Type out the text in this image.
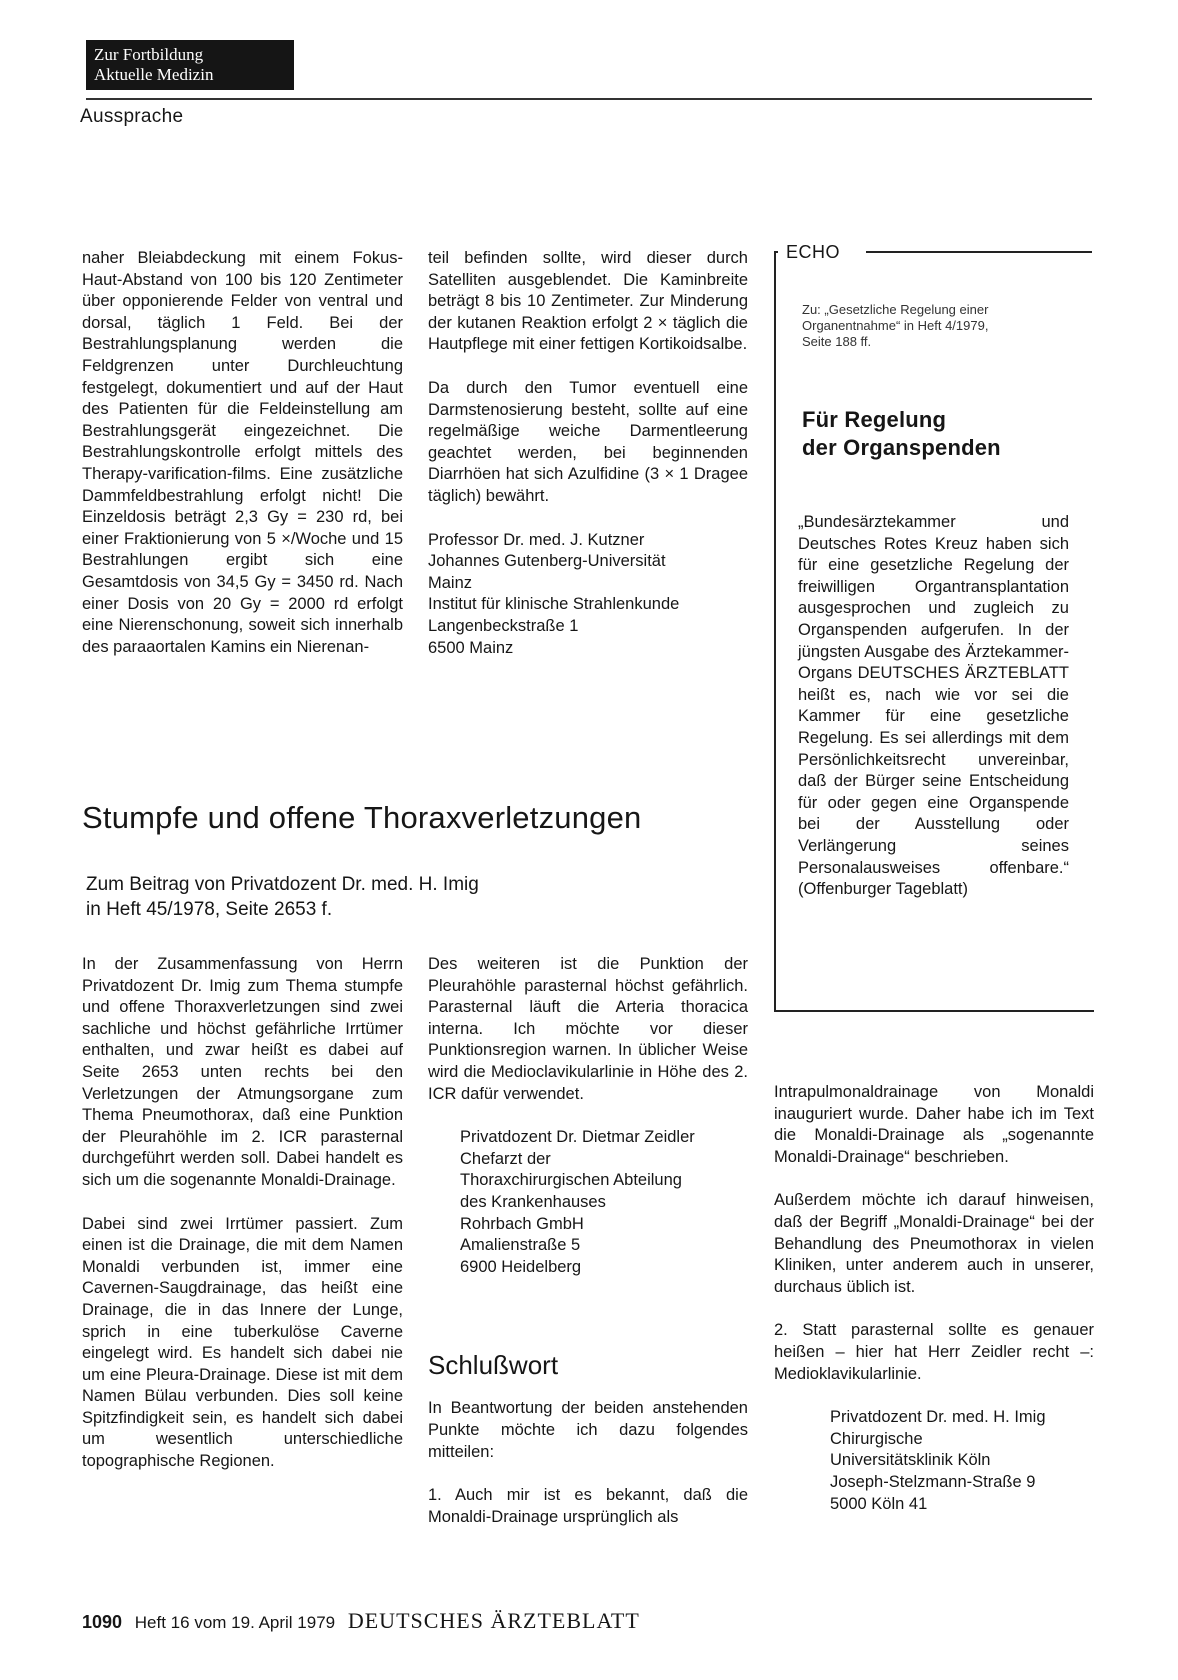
Zur Fortbildung
Aktuelle Medizin
Aussprache

naher Bleiabdeckung mit einem Fokus-Haut-Abstand von 100 bis 120 Zentimeter über opponierende Felder von ventral und dorsal, täglich 1 Feld. Bei der Bestrahlungsplanung werden die Feldgrenzen unter Durchleuchtung festgelegt, dokumentiert und auf der Haut des Patienten für die Feldeinstellung am Bestrahlungsgerät eingezeichnet. Die Bestrahlungskontrolle erfolgt mittels des Therapy-varification-films. Eine zusätzliche Dammfeldbestrahlung erfolgt nicht! Die Einzeldosis beträgt 2,3 Gy = 230 rd, bei einer Fraktionierung von 5 ×/Woche und 15 Bestrahlungen ergibt sich eine Gesamtdosis von 34,5 Gy = 3450 rd. Nach einer Dosis von 20 Gy = 2000 rd erfolgt eine Nierenschonung, soweit sich innerhalb des paraaortalen Kamins ein Nierenan-

teil befinden sollte, wird dieser durch Satelliten ausgeblendet. Die Kaminbreite beträgt 8 bis 10 Zentimeter. Zur Minderung der kutanen Reaktion erfolgt 2 × täglich die Hautpflege mit einer fettigen Kortikoidsalbe.

Da durch den Tumor eventuell eine Darmstenosierung besteht, sollte auf eine regelmäßige weiche Darmentleerung geachtet werden, bei beginnenden Diarrhöen hat sich Azulfidine (3 × 1 Dragee täglich) bewährt.

Professor Dr. med. J. Kutzner
Johannes Gutenberg-Universität
Mainz
Institut für klinische Strahlenkunde
Langenbeckstraße 1
6500 Mainz
ECHO
Zu: „Gesetzliche Regelung einer
Organentnahme“ in Heft 4/1979,
Seite 188 ff.
Für Regelung
der Organspenden

„Bundesärztekammer und Deutsches Rotes Kreuz haben sich für eine gesetzliche Regelung der freiwilligen Organtransplantation ausgesprochen und zugleich zu Organspenden aufgerufen. In der jüngsten Ausgabe des Ärztekammer-Organs DEUTSCHES ÄRZTEBLATT heißt es, nach wie vor sei die Kammer für eine gesetzliche Regelung. Es sei allerdings mit dem Persönlichkeitsrecht unvereinbar, daß der Bürger seine Entscheidung für oder gegen eine Organspende bei der Ausstellung oder Verlängerung seines Personalausweises offenbare.“ (Offenburger Tageblatt)

Stumpfe und offene Thoraxverletzungen
Zum Beitrag von Privatdozent Dr. med. H. Imig
in Heft 45/1978, Seite 2653 f.

In der Zusammenfassung von Herrn Privatdozent Dr. Imig zum Thema stumpfe und offene Thoraxverletzungen sind zwei sachliche und höchst gefährliche Irrtümer enthalten, und zwar heißt es dabei auf Seite 2653 unten rechts bei den Verletzungen der Atmungsorgane zum Thema Pneumothorax, daß eine Punktion der Pleurahöhle im 2. ICR parasternal durchgeführt werden soll. Dabei handelt es sich um die sogenannte Monaldi-Drainage.

Dabei sind zwei Irrtümer passiert. Zum einen ist die Drainage, die mit dem Namen Monaldi verbunden ist, immer eine Cavernen-Saugdrainage, das heißt eine Drainage, die in das Innere der Lunge, sprich in eine tuberkulöse Caverne eingelegt wird. Es handelt sich dabei nie um eine Pleura-Drainage. Diese ist mit dem Namen Bülau verbunden. Dies soll keine Spitzfindigkeit sein, es handelt sich dabei um wesentlich unterschiedliche topographische Regionen.

Des weiteren ist die Punktion der Pleurahöhle parasternal höchst gefährlich. Parasternal läuft die Arteria thoracica interna. Ich möchte vor dieser Punktionsregion warnen. In üblicher Weise wird die Medioclavikularlinie in Höhe des 2. ICR dafür verwendet.

Privatdozent Dr. Dietmar Zeidler
Chefarzt der
Thoraxchirurgischen Abteilung
des Krankenhauses
Rohrbach GmbH
Amalienstraße 5
6900 Heidelberg
Schlußwort

In Beantwortung der beiden anstehenden Punkte möchte ich dazu folgendes mitteilen:

1. Auch mir ist es bekannt, daß die Monaldi-Drainage ursprünglich als

Intrapulmonaldrainage von Monaldi inauguriert wurde. Daher habe ich im Text die Monaldi-Drainage als „sogenannte Monaldi-Drainage“ beschrieben.

Außerdem möchte ich darauf hinweisen, daß der Begriff „Monaldi-Drainage“ bei der Behandlung des Pneumothorax in vielen Kliniken, unter anderem auch in unserer, durchaus üblich ist.

2. Statt parasternal sollte es genauer heißen – hier hat Herr Zeidler recht –: Medioklavikularlinie.

Privatdozent Dr. med. H. Imig
Chirurgische
Universitätsklinik Köln
Joseph-Stelzmann-Straße 9
5000 Köln 41
1090 Heft 16 vom 19. April 1979 DEUTSCHES ÄRZTEBLATT
